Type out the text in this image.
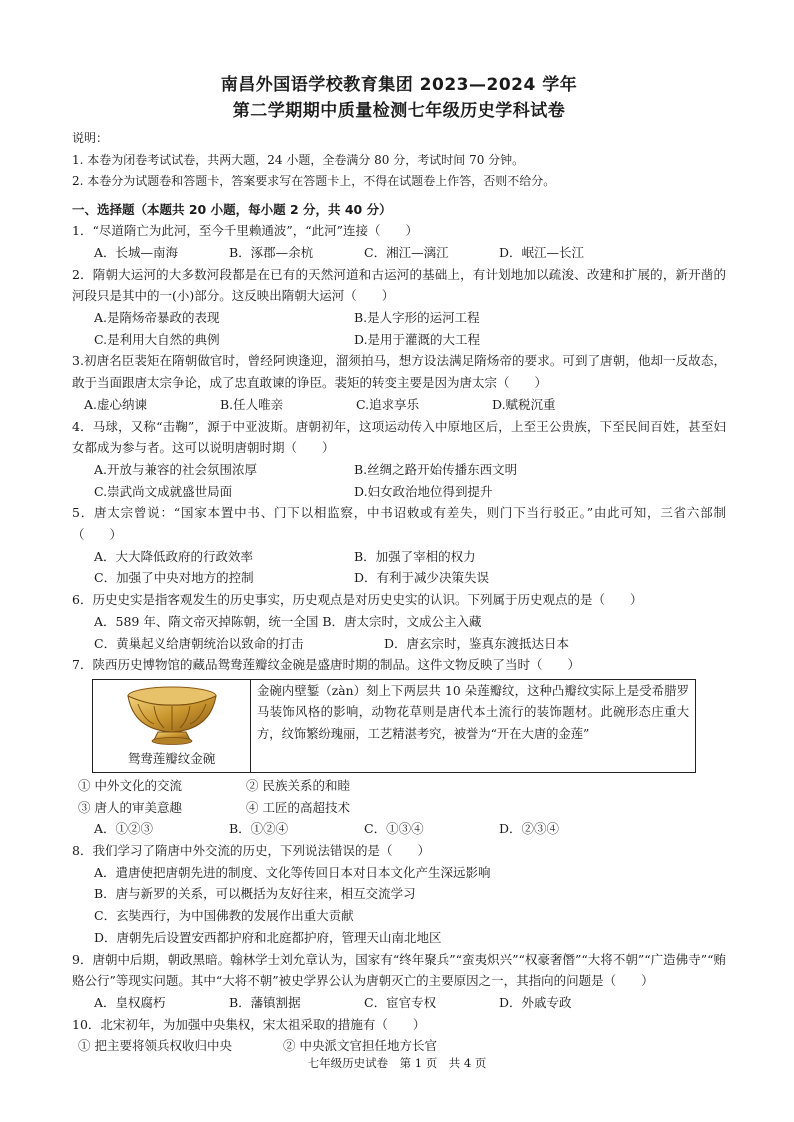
南昌外国语学校教育集团 2023—2024 学年
第二学期期中质量检测七年级历史学科试卷
说明：
1. 本卷为闭卷考试试卷，共两大题，24 小题，全卷满分 80 分，考试时间 70 分钟。
2. 本卷分为试题卷和答题卡，答案要求写在答题卡上，不得在试题卷上作答，否则不给分。
一、选择题（本题共 20 小题，每小题 2 分，共 40 分）
1．“尽道隋亡为此河，至今千里赖通波”，“此河”连接（　　）
A．长城—南海	B．涿郡—余杭	C．湘江—漓江	D．岷江—长江
2．隋朝大运河的大多数河段都是在已有的天然河道和古运河的基础上，有计划地加以疏浚、改建和扩展的，新开凿的河段只是其中的一(小)部分。这反映出隋朝大运河（　　）
A.是隋炀帝暴政的表现	B.是人字形的运河工程
C.是利用大自然的典例	D.是用于灌溉的大工程
3.初唐名臣裴矩在隋朝做官时，曾经阿谀逢迎，溜须拍马，想方设法满足隋炀帝的要求。可到了唐朝，他却一反故态，敢于当面跟唐太宗争论，成了忠直敢谏的诤臣。裴矩的转变主要是因为唐太宗（　　）
A.虚心纳谏	B.任人唯亲	C.追求享乐	D.赋税沉重
4．马球，又称“击鞠”，源于中亚波斯。唐朝初年，这项运动传入中原地区后，上至王公贵族，下至民间百姓，甚至妇女都成为参与者。这可以说明唐朝时期（　　）
A.开放与兼容的社会氛围浓厚	B.丝绸之路开始传播东西文明
C.崇武尚文成就盛世局面	D.妇女政治地位得到提升
5．唐太宗曾说：“国家本置中书、门下以相监察，中书诏敕或有差失，则门下当行驳正。”由此可知，三省六部制（　　）
A．大大降低政府的行政效率	B．加强了宰相的权力
C．加强了中央对地方的控制	D．有利于减少决策失误
6．历史史实是指客观发生的历史事实，历史观点是对历史史实的认识。下列属于历史观点的是（　　）
A．589 年、隋文帝灭掉陈朝，统一全国 B．唐太宗时，文成公主入藏
C．黄巢起义给唐朝统治以致命的打击	D．唐玄宗时，鉴真东渡抵达日本
7．陕西历史博物馆的藏品鸳鸯莲瓣纹金碗是盛唐时期的制品。这件文物反映了当时（　　）
鸳鸯莲瓣纹金碗
金碗内壁錾（zàn）刻上下两层共 10 朵莲瓣纹，这种凸瓣纹实际上是受希腊罗马装饰风格的影响，动物花草则是唐代本土流行的装饰题材。此碗形态庄重大方，纹饰繁纷瑰丽，工艺精湛考究，被誉为“开在大唐的金莲”
① 中外文化的交流	② 民族关系的和睦
③ 唐人的审美意趣	④ 工匠的高超技术
A．①②③	B．①②④	C．①③④	D．②③④
8．我们学习了隋唐中外交流的历史，下列说法错误的是（　　）
A．遣唐使把唐朝先进的制度、文化等传回日本对日本文化产生深远影响
B．唐与新罗的关系，可以概括为友好往来，相互交流学习
C．玄奘西行，为中国佛教的发展作出重大贡献
D．唐朝先后设置安西都护府和北庭都护府，管理天山南北地区
9．唐朝中后期，朝政黑暗。翰林学士刘允章认为，国家有“终年聚兵”“蛮夷炽兴”“权豪奢僭”“大将不朝”“广造佛寺”“贿赂公行”等现实问题。其中“大将不朝”被史学界公认为唐朝灭亡的主要原因之一，其指向的问题是（　　）
A．皇权腐朽	B．藩镇割据	C．宦官专权	D．外戚专政
10．北宋初年，为加强中央集权，宋太祖采取的措施有（　　）
① 把主要将领兵权收归中央	② 中央派文官担任地方长官
七年级历史试卷　第 1 页　共 4 页
